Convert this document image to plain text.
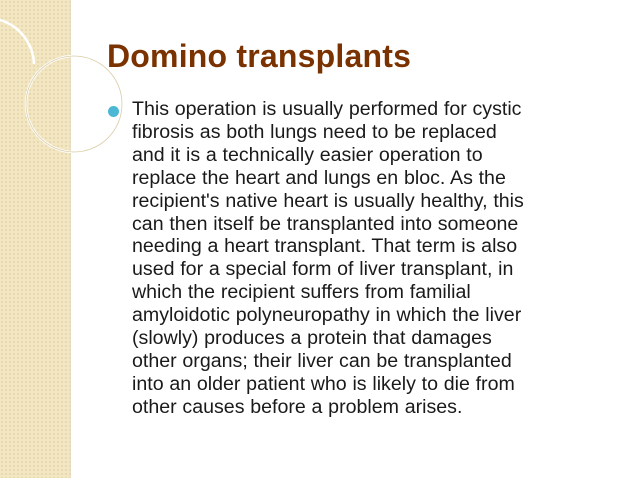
Domino transplants
This operation is usually performed for cystic
fibrosis as both lungs need to be replaced
and it is a technically easier operation to
replace the heart and lungs en bloc. As the
recipient's native heart is usually healthy, this
can then itself be transplanted into someone
needing a heart transplant. That term is also
used for a special form of liver transplant, in
which the recipient suffers from familial
amyloidotic polyneuropathy in which the liver
(slowly) produces a protein that damages
other organs; their liver can be transplanted
into an older patient who is likely to die from
other causes before a problem arises.
